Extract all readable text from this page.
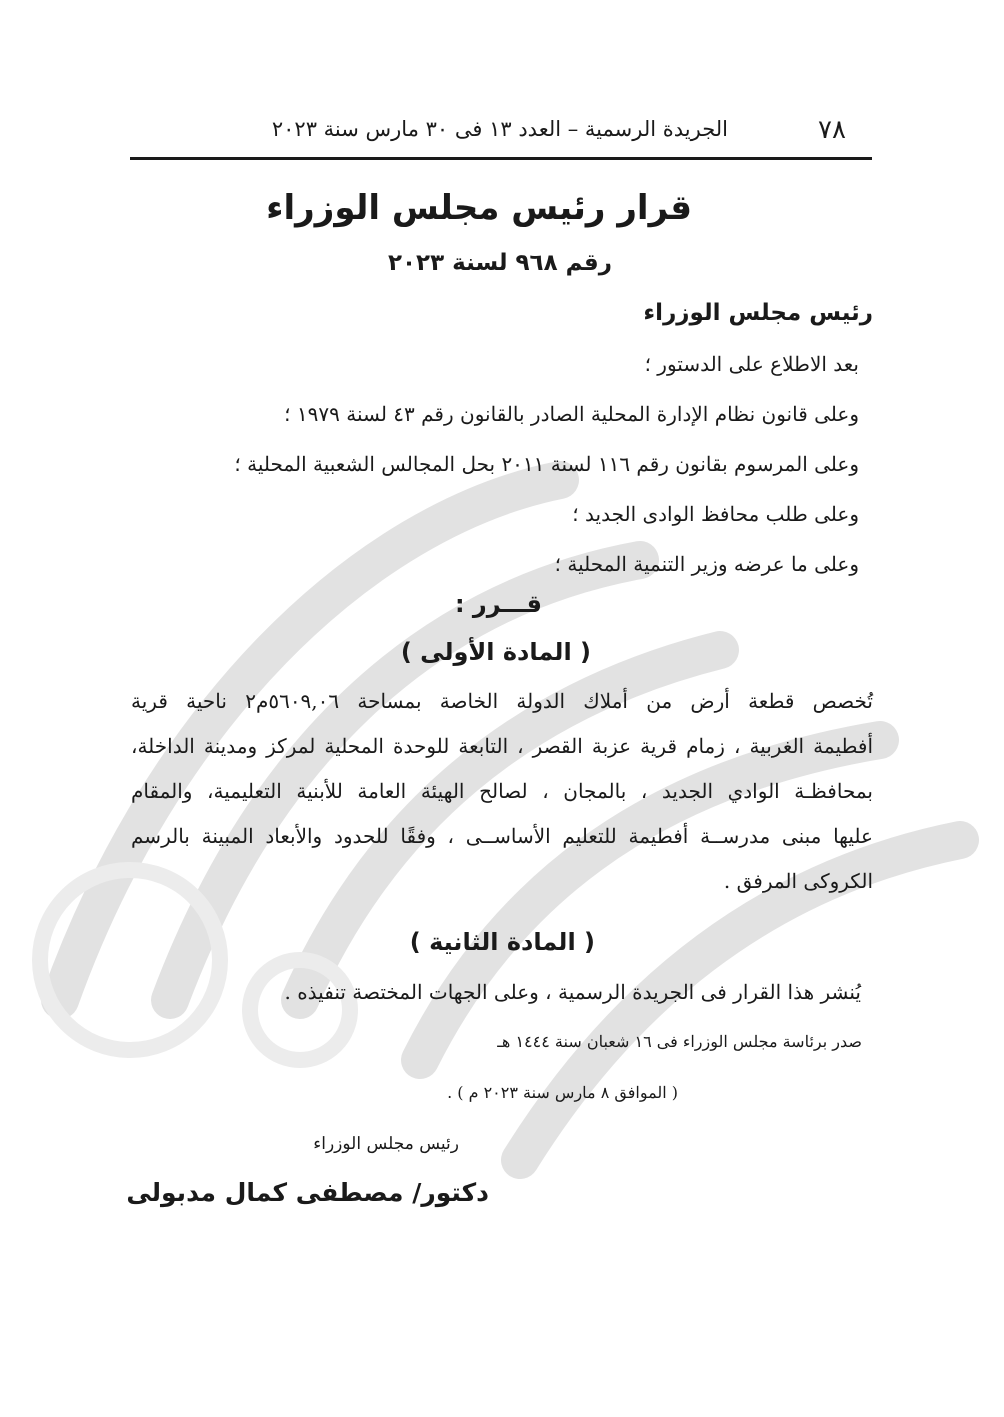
٧٨
الجريدة الرسمية – العدد ١٣ فى ٣٠ مارس سنة ٢٠٢٣
قرار رئيس مجلس الوزراء
رقم ٩٦٨ لسنة ٢٠٢٣
رئيس مجلس الوزراء
بعد الاطلاع على الدستور ؛
وعلى قانون نظام الإدارة المحلية الصادر بالقانون رقم ٤٣ لسنة ١٩٧٩ ؛
وعلى المرسوم بقانون رقم ١١٦ لسنة ٢٠١١ بحل المجالس الشعبية المحلية ؛
وعلى طلب محافظ الوادى الجديد ؛
وعلى ما عرضه وزير التنمية المحلية ؛
قـــرر :
( المادة الأولى )
تُخصص قطعة أرض من أملاك الدولة الخاصة بمساحة ٥٦٠٩,٠٦م٢ ناحية قرية
أفطيمة الغربية ، زمام قرية عزبة القصر ، التابعة للوحدة المحلية لمركز ومدينة الداخلة،
بمحافظـة الوادي الجديد ، بالمجان ، لصالح الهيئة العامة للأبنية التعليمية، والمقام
عليها مبنى مدرســة أفطيمة للتعليم الأساســى ، وفقًا للحدود والأبعاد المبينة بالرسم
الكروكى المرفق .
( المادة الثانية )
يُنشر هذا القرار فى الجريدة الرسمية ، وعلى الجهات المختصة تنفيذه .
صدر برئاسة مجلس الوزراء فى ١٦ شعبان سنة ١٤٤٤ هـ
( الموافق ٨ مارس سنة ٢٠٢٣ م ) .
رئيس مجلس الوزراء
دكتور/ مصطفى كمال مدبولى
